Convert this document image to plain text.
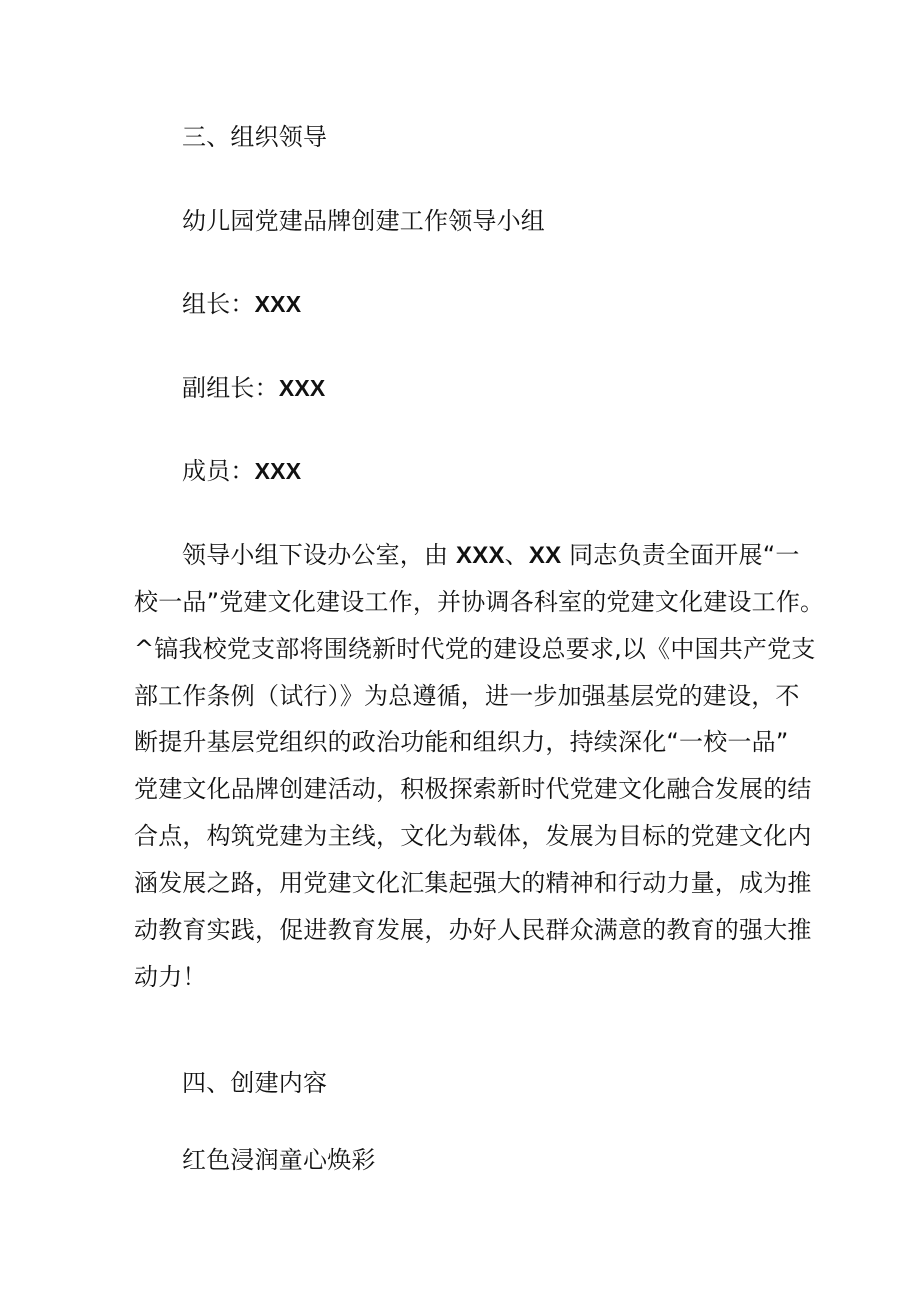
三、组织领导
幼儿园党建品牌创建工作领导小组
组长：XXX
副组长：XXX
成员：XXX
领导小组下设办公室，由 XXX、XX 同志负责全面开展“一
校一品”党建文化建设工作，并协调各科室的党建文化建设工作。
^镐我校党支部将围绕新时代党的建设总要求,以《中国共产党支
部工作条例（试行）》为总遵循，进一步加强基层党的建设，不
断提升基层党组织的政治功能和组织力，持续深化“一校一品”
党建文化品牌创建活动，积极探索新时代党建文化融合发展的结
合点，构筑党建为主线，文化为载体，发展为目标的党建文化内
涵发展之路，用党建文化汇集起强大的精神和行动力量，成为推
动教育实践，促进教育发展，办好人民群众满意的教育的强大推
动力！
四、创建内容
红色浸润童心焕彩
